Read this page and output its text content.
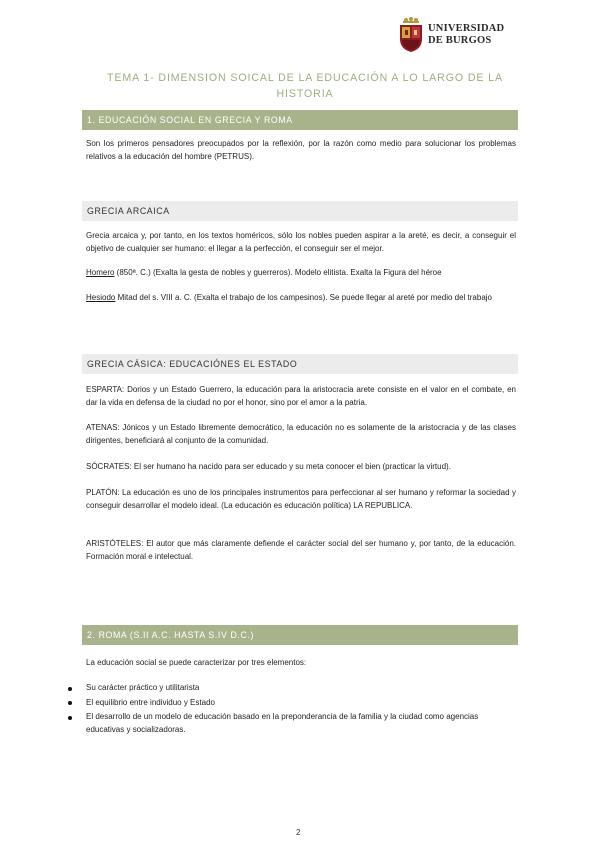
UNIVERSIDAD
DE BURGOS
TEMA 1- DIMENSION SOICAL DE LA EDUCACIÓN A LO LARGO DE LA HISTORIA
1. EDUCACIÓN SOCIAL EN GRECIA Y ROMA
Son los primeros pensadores preocupados por la reflexión, por la razón como medio para solucionar los problemas relativos a la educación del hombre (PETRUS).
GRECIA ARCAICA
Grecia arcaica y, por tanto, en los textos homéricos, sólo los nobles pueden aspirar a la areté, es decir, a conseguir el objetivo de cualquier ser humano: el llegar a la perfección, el conseguir ser el mejor.
Homero (850ª. C.) (Exalta la gesta de nobles y guerreros). Modelo elitista. Exalta la Figura del héroe
Hesiodo Mitad del s. VIII a. C. (Exalta el trabajo de los campesinos). Se puede llegar al areté por medio del trabajo
GRECIA CÁSICA: EDUCACIÓNES EL ESTADO
ESPARTA: Dorios y un Estado Guerrero, la educación para la aristocracia arete consiste en el valor en el combate, en dar la vida en defensa de la ciudad no por el honor, sino por el amor a la patria.
ATENAS: Jónicos y un Estado libremente democrático, la educación no es solamente de la aristocracia y de las clases dirigentes, beneficiará al conjunto de la comunidad.
SÓCRATES: El ser humano ha nacido para ser educado y su meta conocer el bien (practicar la virtud).
PLATÓN: La educación es uno de los principales instrumentos para perfeccionar al ser humano y reformar la sociedad y conseguir desarrollar el modelo ideal. (La educación es educación política) LA REPUBLICA.
ARISTÓTELES: El autor que más claramente defiende el carácter social del ser humano y, por tanto, de la educación. Formación moral e intelectual.
2. ROMA (S.II A.C. HASTA S.IV D.C.)
La educación social se puede caracterizar por tres elementos:
Su carácter práctico y utilitarista
El equilibrio entre individuo y Estado
El desarrollo de un modelo de educación basado en la preponderancia de la familia y la ciudad como agencias educativas y socializadoras.
2
